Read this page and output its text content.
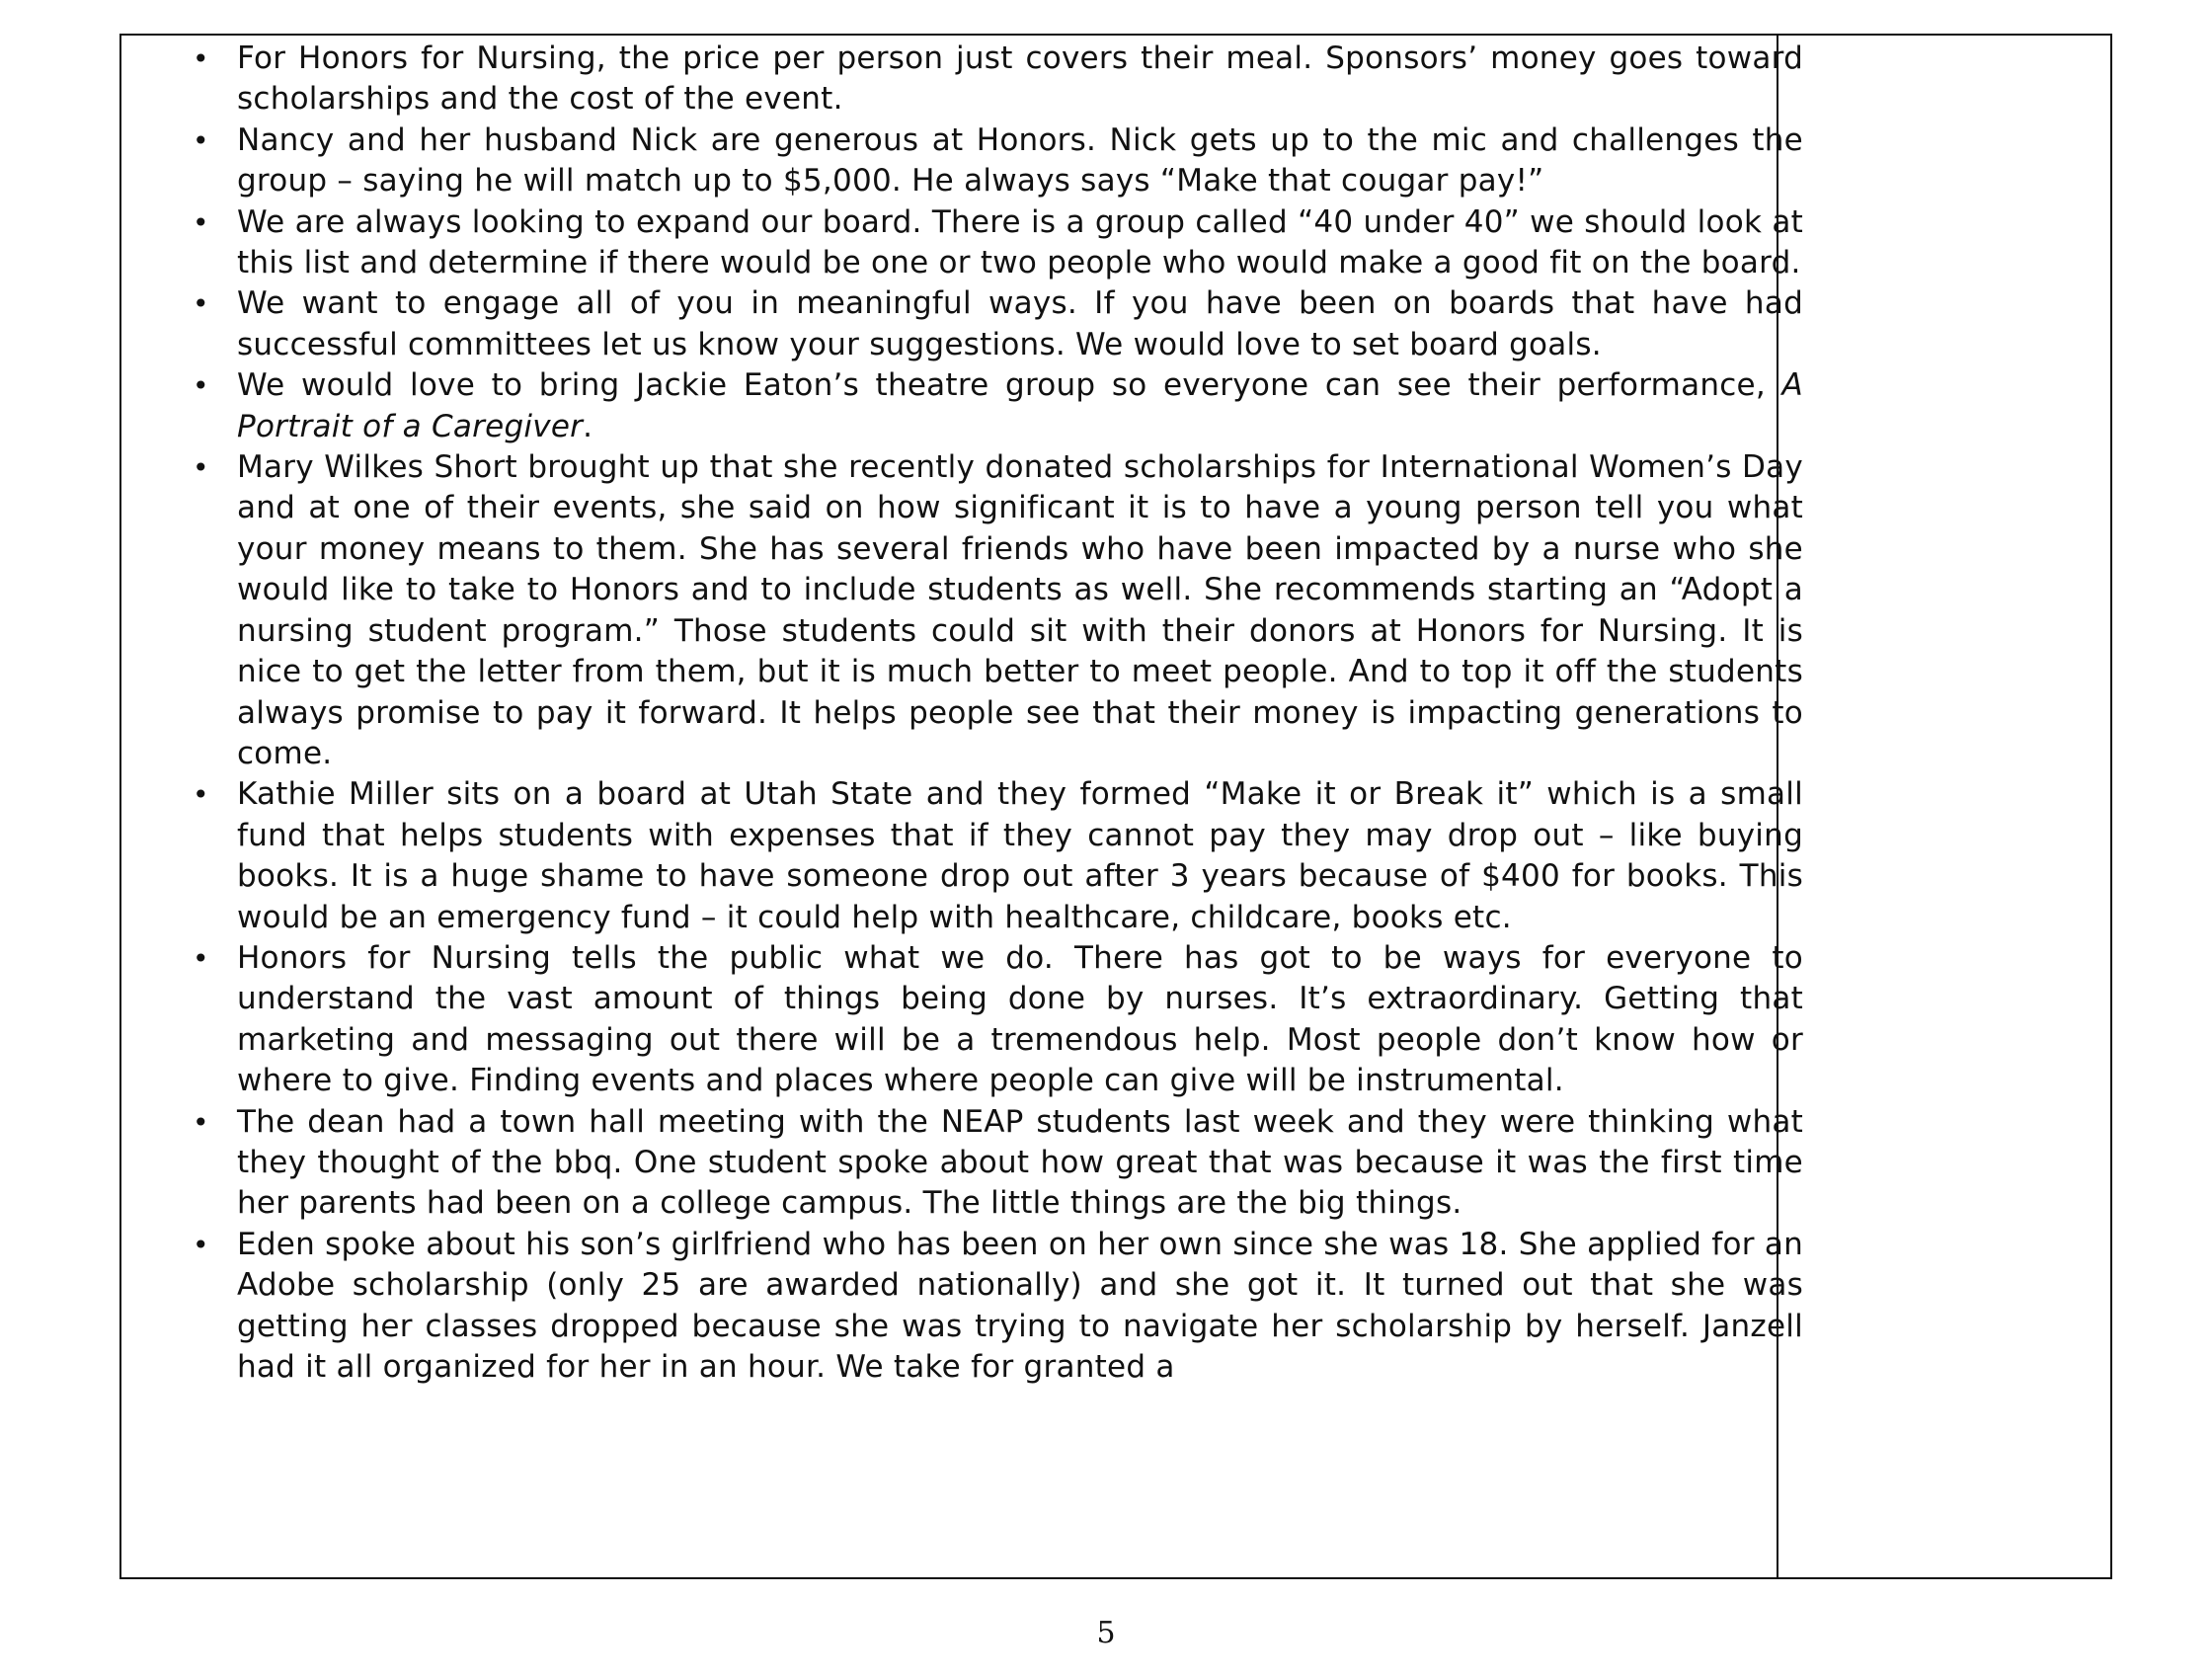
• For Honors for Nursing, the price per person just covers their meal. Sponsors’ money goes toward scholarships and the cost of the event.
• Nancy and her husband Nick are generous at Honors. Nick gets up to the mic and challenges the group – saying he will match up to $5,000. He always says “Make that cougar pay!”
• We are always looking to expand our board. There is a group called “40 under 40” we should look at this list and determine if there would be one or two people who would make a good fit on the board.
• We want to engage all of you in meaningful ways. If you have been on boards that have had successful committees let us know your suggestions. We would love to set board goals.
• We would love to bring Jackie Eaton’s theatre group so everyone can see their performance, A Portrait of a Caregiver.
• Mary Wilkes Short brought up that she recently donated scholarships for International Women’s Day and at one of their events, she said on how significant it is to have a young person tell you what your money means to them. She has several friends who have been impacted by a nurse who she would like to take to Honors and to include students as well. She recommends starting an “Adopt a nursing student program.” Those students could sit with their donors at Honors for Nursing. It is nice to get the letter from them, but it is much better to meet people. And to top it off the students always promise to pay it forward. It helps people see that their money is impacting generations to come.
• Kathie Miller sits on a board at Utah State and they formed “Make it or Break it” which is a small fund that helps students with expenses that if they cannot pay they may drop out – like buying books. It is a huge shame to have someone drop out after 3 years because of $400 for books. This would be an emergency fund – it could help with healthcare, childcare, books etc.
• Honors for Nursing tells the public what we do. There has got to be ways for everyone to understand the vast amount of things being done by nurses. It’s extraordinary. Getting that marketing and messaging out there will be a tremendous help. Most people don’t know how or where to give. Finding events and places where people can give will be instrumental.
• The dean had a town hall meeting with the NEAP students last week and they were thinking what they thought of the bbq. One student spoke about how great that was because it was the first time her parents had been on a college campus. The little things are the big things.
• Eden spoke about his son’s girlfriend who has been on her own since she was 18. She applied for an Adobe scholarship (only 25 are awarded nationally) and she got it. It turned out that she was getting her classes dropped because she was trying to navigate her scholarship by herself. Janzell had it all organized for her in an hour. We take for granted a
5
